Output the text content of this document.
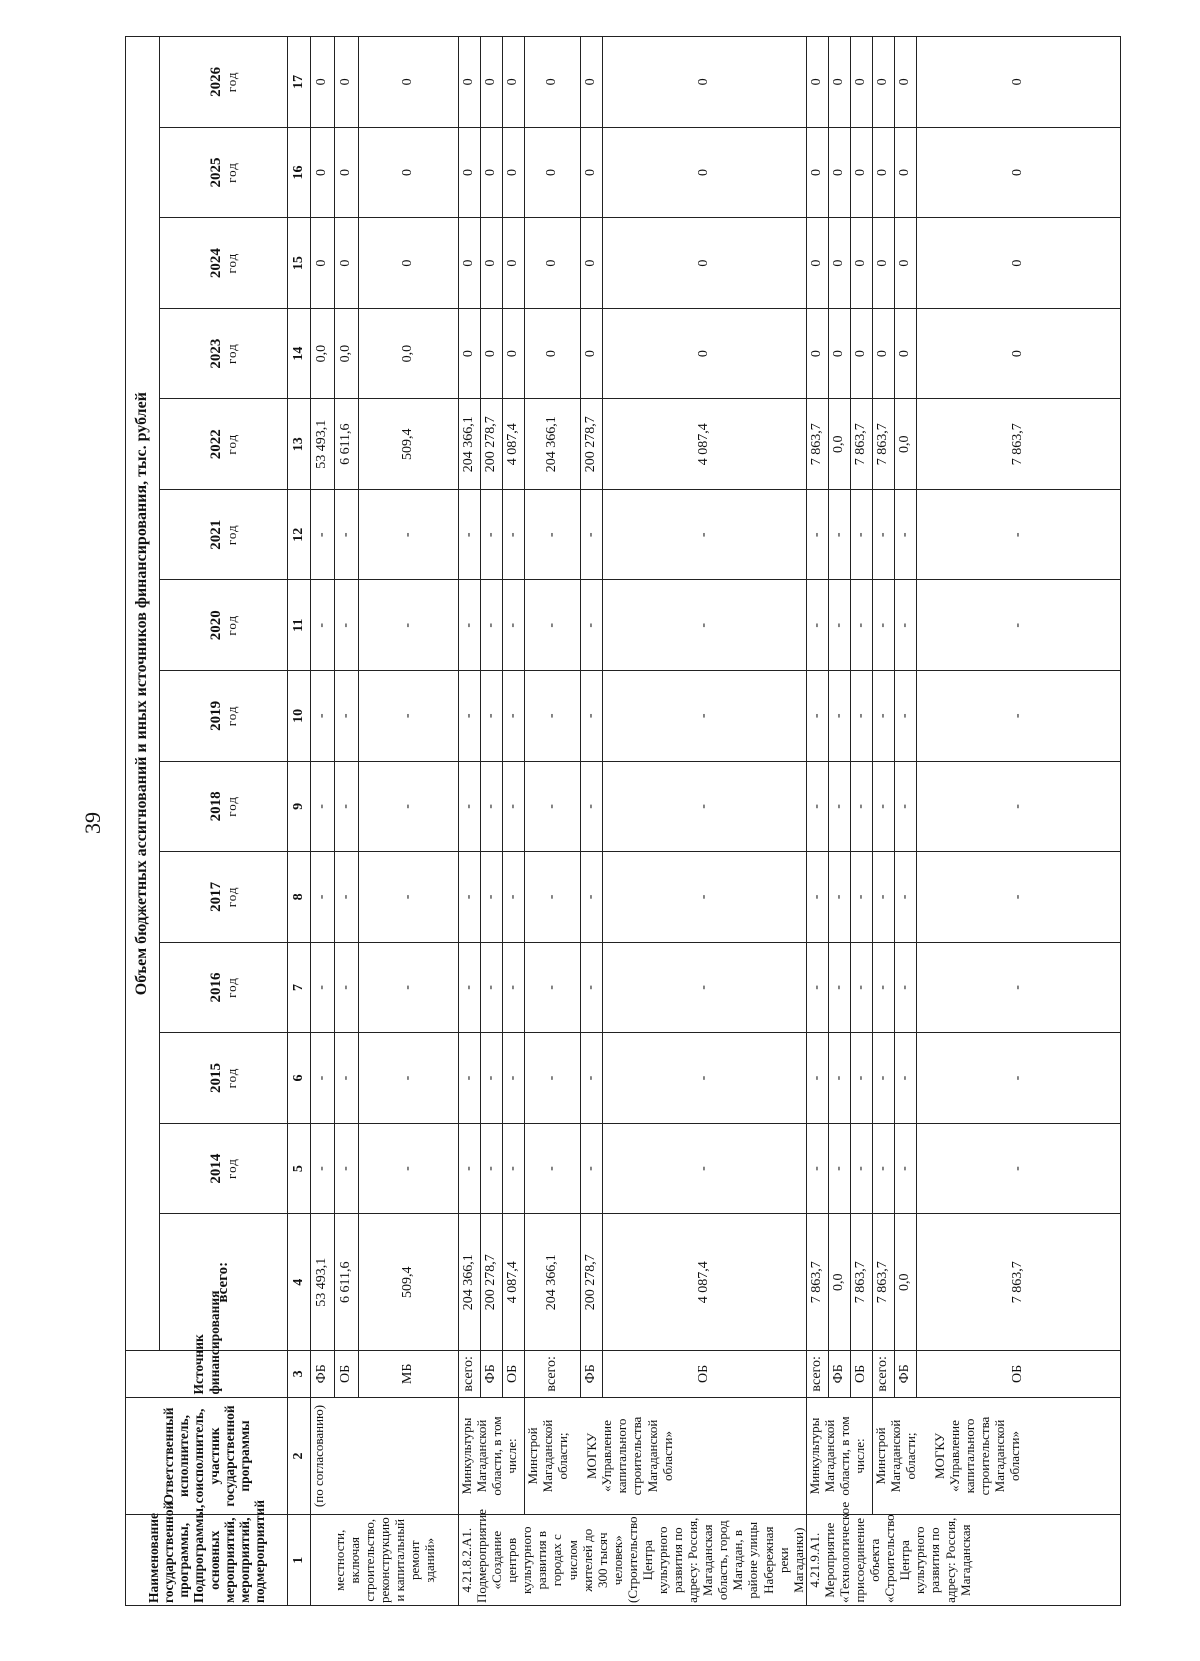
39
Наименование государственной программы, Подпрограммы, основных мероприятий, мероприятий, подмероприятий	Ответственный исполнитель, соисполнитель, участник государственной программы	Источник финансирования	Объем бюджетных ассигнований и иных источников финансирования, тыс. рублей													
			всего:	2014 год	2015 год	2016 год	2017 год	2018 год	2019 год	2020 год	2021 год	2022 год	2023 год	2024 год	2025 год	2026 год

1	2	3	4	5	6	7	8	9	10	11	12	13	14	15	16	17
местности, включая строительство, реконструкцию и капитальный ремонт зданий»	(по согласованию)	ФБ	53 493,1	-	-	-	-	-	-	-	-	53 493,1	0,0	0	0	0
		ОБ	6 611,6	-	-	-	-	-	-	-	-	6 611,6	0,0	0	0	0
		МБ	509,4	-	-	-	-	-	-	-	-	509,4	0,0	0	0	0
4.21.8.2.А1. Подмероприятие «Создание центров культурного развития в городах с числом жителей до 300 тысяч человек» (Строительство Центра культурного развития по адресу: Россия, Магаданская область, город Магадан, в районе улицы Набережная реки Магаданки)	Минкультуры Магаданской области, в том числе:	всего:	204 366,1	-	-	-	-	-	-	-	-	204 366,1	0	0	0	0
		ФБ	200 278,7	-	-	-	-	-	-	-	-	200 278,7	0	0	0	0
		ОБ	4 087,4	-	-	-	-	-	-	-	-	4 087,4	0	0	0	0
	Минстрой Магаданской области; МОГКУ «Управление капитального строительства Магаданской области»	всего:	204 366,1	-	-	-	-	-	-	-	-	204 366,1	0	0	0	0
		ФБ	200 278,7	-	-	-	-	-	-	-	-	200 278,7	0	0	0	0
		ОБ	4 087,4	-	-	-	-	-	-	-	-	4 087,4	0	0	0	0
4.21.9.А1. Мероприятие «Технологическое присоединение объекта «Строительство Центра культурного развития по адресу: Россия, Магаданская	Минкультуры Магаданской области, в том числе:	всего:	7 863,7	-	-	-	-	-	-	-	-	7 863,7	0	0	0	0
		ФБ	0,0	-	-	-	-	-	-	-	-	0,0	0	0	0	0
		ОБ	7 863,7	-	-	-	-	-	-	-	-	7 863,7	0	0	0	0
	Минстрой Магаданской области; МОГКУ «Управление капитального строительства Магаданской области»	всего:	7 863,7	-	-	-	-	-	-	-	-	7 863,7	0	0	0	0
		ФБ	0,0	-	-	-	-	-	-	-	-	0,0	0	0	0	0
		ОБ	7 863,7	-	-	-	-	-	-	-	-	7 863,7	0	0	0	0
